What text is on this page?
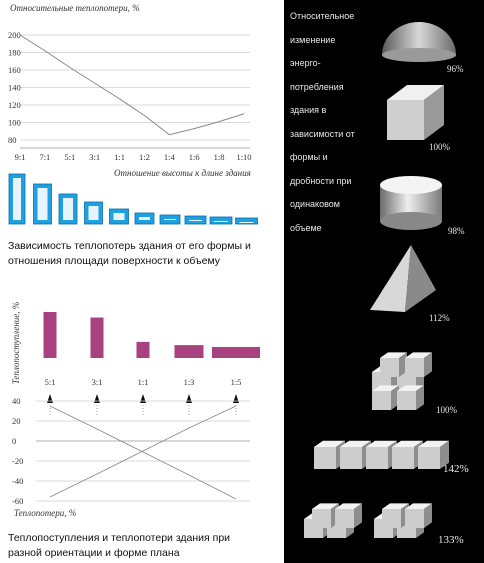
200
180
160
140
120
100
80
9:1 7:1 5:1 3:1 1:1 1:2 1:4 1:6 1:8 1:10
Относительные теплопотери, %
Отношение высоты к длине здания
Зависимость теплопотерь здания от его формы и
отношения площади поверхности к объему
5:1	3:1	1:1	1:3	1:5
40
20
0
-20
-40
-60
Теплопоступление, %
Теплопотери, %
Теплопоступления и теплопотери здания при
разной ориентации и форме плана
Относительное
изменение
энерго-
потребления
здания в
зависимости от
формы и
дробности при
одинаковом
объеме
96%
100%
98%
112%
100%
142%
133%
